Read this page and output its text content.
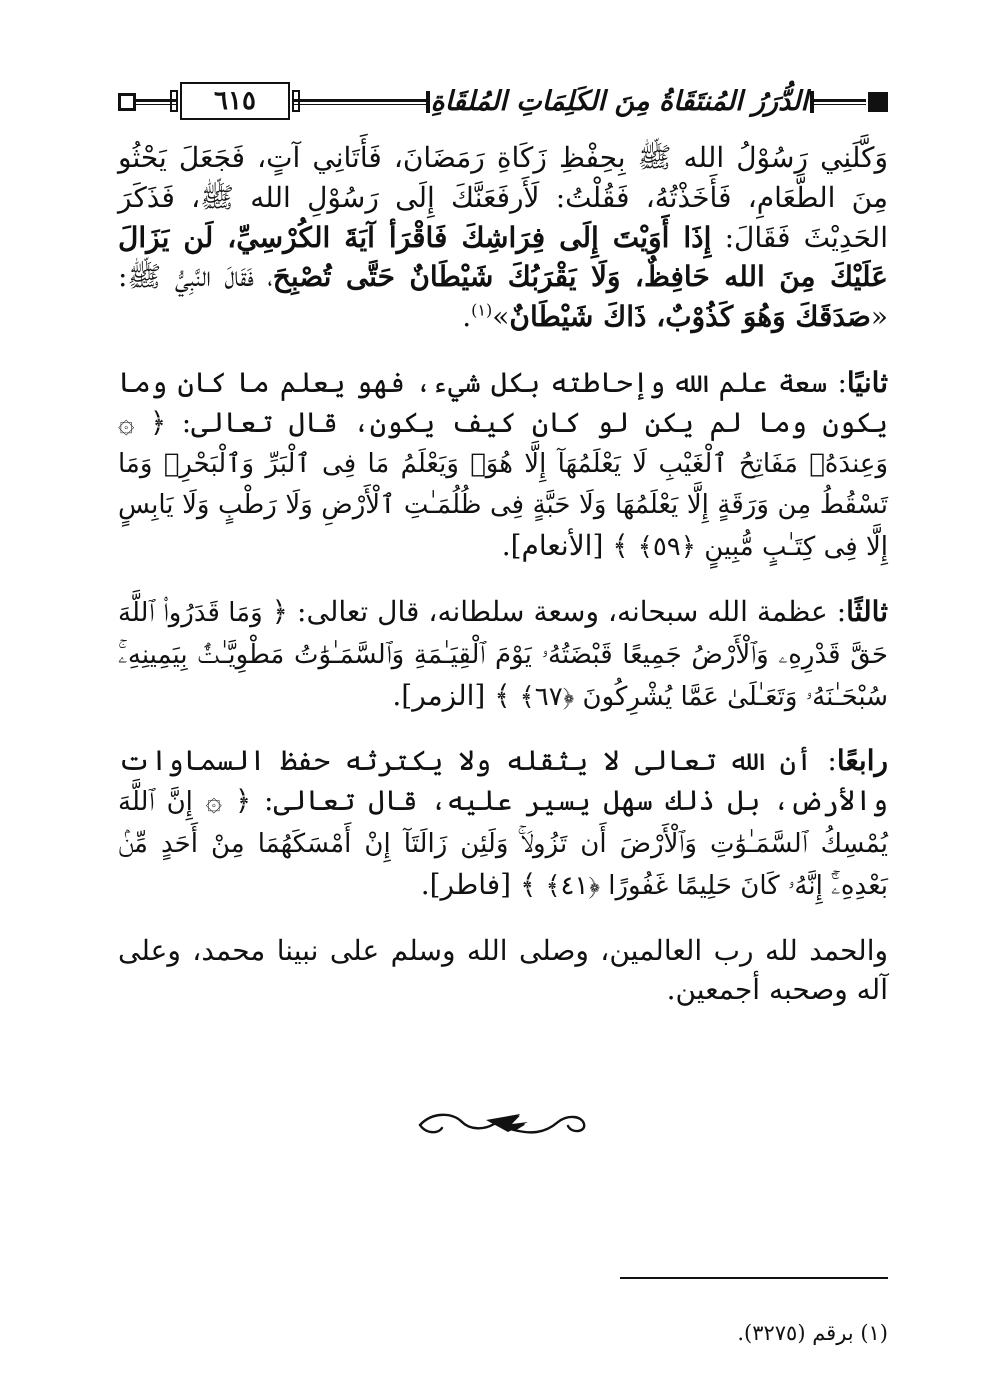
٦١٥	الدُّرَرُ المُنتَقَاةُ مِنَ الكَلِمَاتِ المُلقَاةِ

وَكَّلَنِي رَسُوْلُ الله ﷺ بِحِفْظِ زَكَاةِ رَمَضَانَ، فَأَتَانِي آتٍ، فَجَعَلَ يَحْثُو مِنَ الطَّعَامِ، فَأَخَذْتُهُ، فَقُلْتُ: لَأَرفَعَنَّكَ إِلَى رَسُوْلِ الله ﷺ، فَذَكَرَ الحَدِيْثَ فَقَالَ: إِذَا أَوَيْتَ إِلَى فِرَاشِكَ فَاقْرَأ آيَةَ الكُرْسِيِّ، لَن يَزَالَ عَلَيْكَ مِنَ الله حَافِظٌ، وَلَا يَقْرَبُكَ شَيْطَانٌ حَتَّى تُصْبِحَ، فَقَالَ النَّبِيُّ ﷺ: «صَدَقَكَ وَهُوَ كَذُوْبٌ، ذَاكَ شَيْطَانٌ»$^{(١)}$.

ثانيًا: سعة علم الله وإحاطته بكل شيء، فهو يعلم ما كان وما يكون وما لم يكن لو كان كيف يكون، قال تعالى: ﴿ ۞ وَعِندَهُۥ مَفَاتِحُ ٱلْغَيْبِ لَا يَعْلَمُهَآ إِلَّا هُوَۚ وَيَعْلَمُ مَا فِى ٱلْبَرِّ وَٱلْبَحْرِۚ وَمَا تَسْقُطُ مِن وَرَقَةٍ إِلَّا يَعْلَمُهَا وَلَا حَبَّةٍ فِى ظُلُمَـٰتِ ٱلْأَرْضِ وَلَا رَطْبٍ وَلَا يَابِسٍ إِلَّا فِى كِتَـٰبٍ مُّبِينٍ ﴿٥٩﴾ ﴾ [الأنعام].

ثالثًا: عظمة الله سبحانه، وسعة سلطانه، قال تعالى: ﴿ وَمَا قَدَرُوا۟ ٱللَّهَ حَقَّ قَدْرِهِۦ وَٱلْأَرْضُ جَمِيعًا قَبْضَتُهُۥ يَوْمَ ٱلْقِيَـٰمَةِ وَٱلسَّمَـٰوَٰتُ مَطْوِيَّـٰتٌۢ بِيَمِينِهِۦۚ سُبْحَـٰنَهُۥ وَتَعَـٰلَىٰ عَمَّا يُشْرِكُونَ ﴿٦٧﴾ ﴾ [الزمر].

رابعًا: أن الله تعالى لا يثقله ولا يكترثه حفظ السماوات والأرض، بل ذلك سهل يسير عليه، قال تعالى: ﴿ ۞ إِنَّ ٱللَّهَ يُمْسِكُ ٱلسَّمَـٰوَٰتِ وَٱلْأَرْضَ أَن تَزُولَاۚ وَلَئِن زَالَتَآ إِنْ أَمْسَكَهُمَا مِنْ أَحَدٍ مِّنۢ بَعْدِهِۦٓۚ إِنَّهُۥ كَانَ حَلِيمًا غَفُورًا ﴿٤١﴾ ﴾ [فاطر].

والحمد لله رب العالمين، وصلى الله وسلم على نبينا محمد، وعلى آله وصحبه أجمعين.

(١) برقم (٣٢٧٥).
